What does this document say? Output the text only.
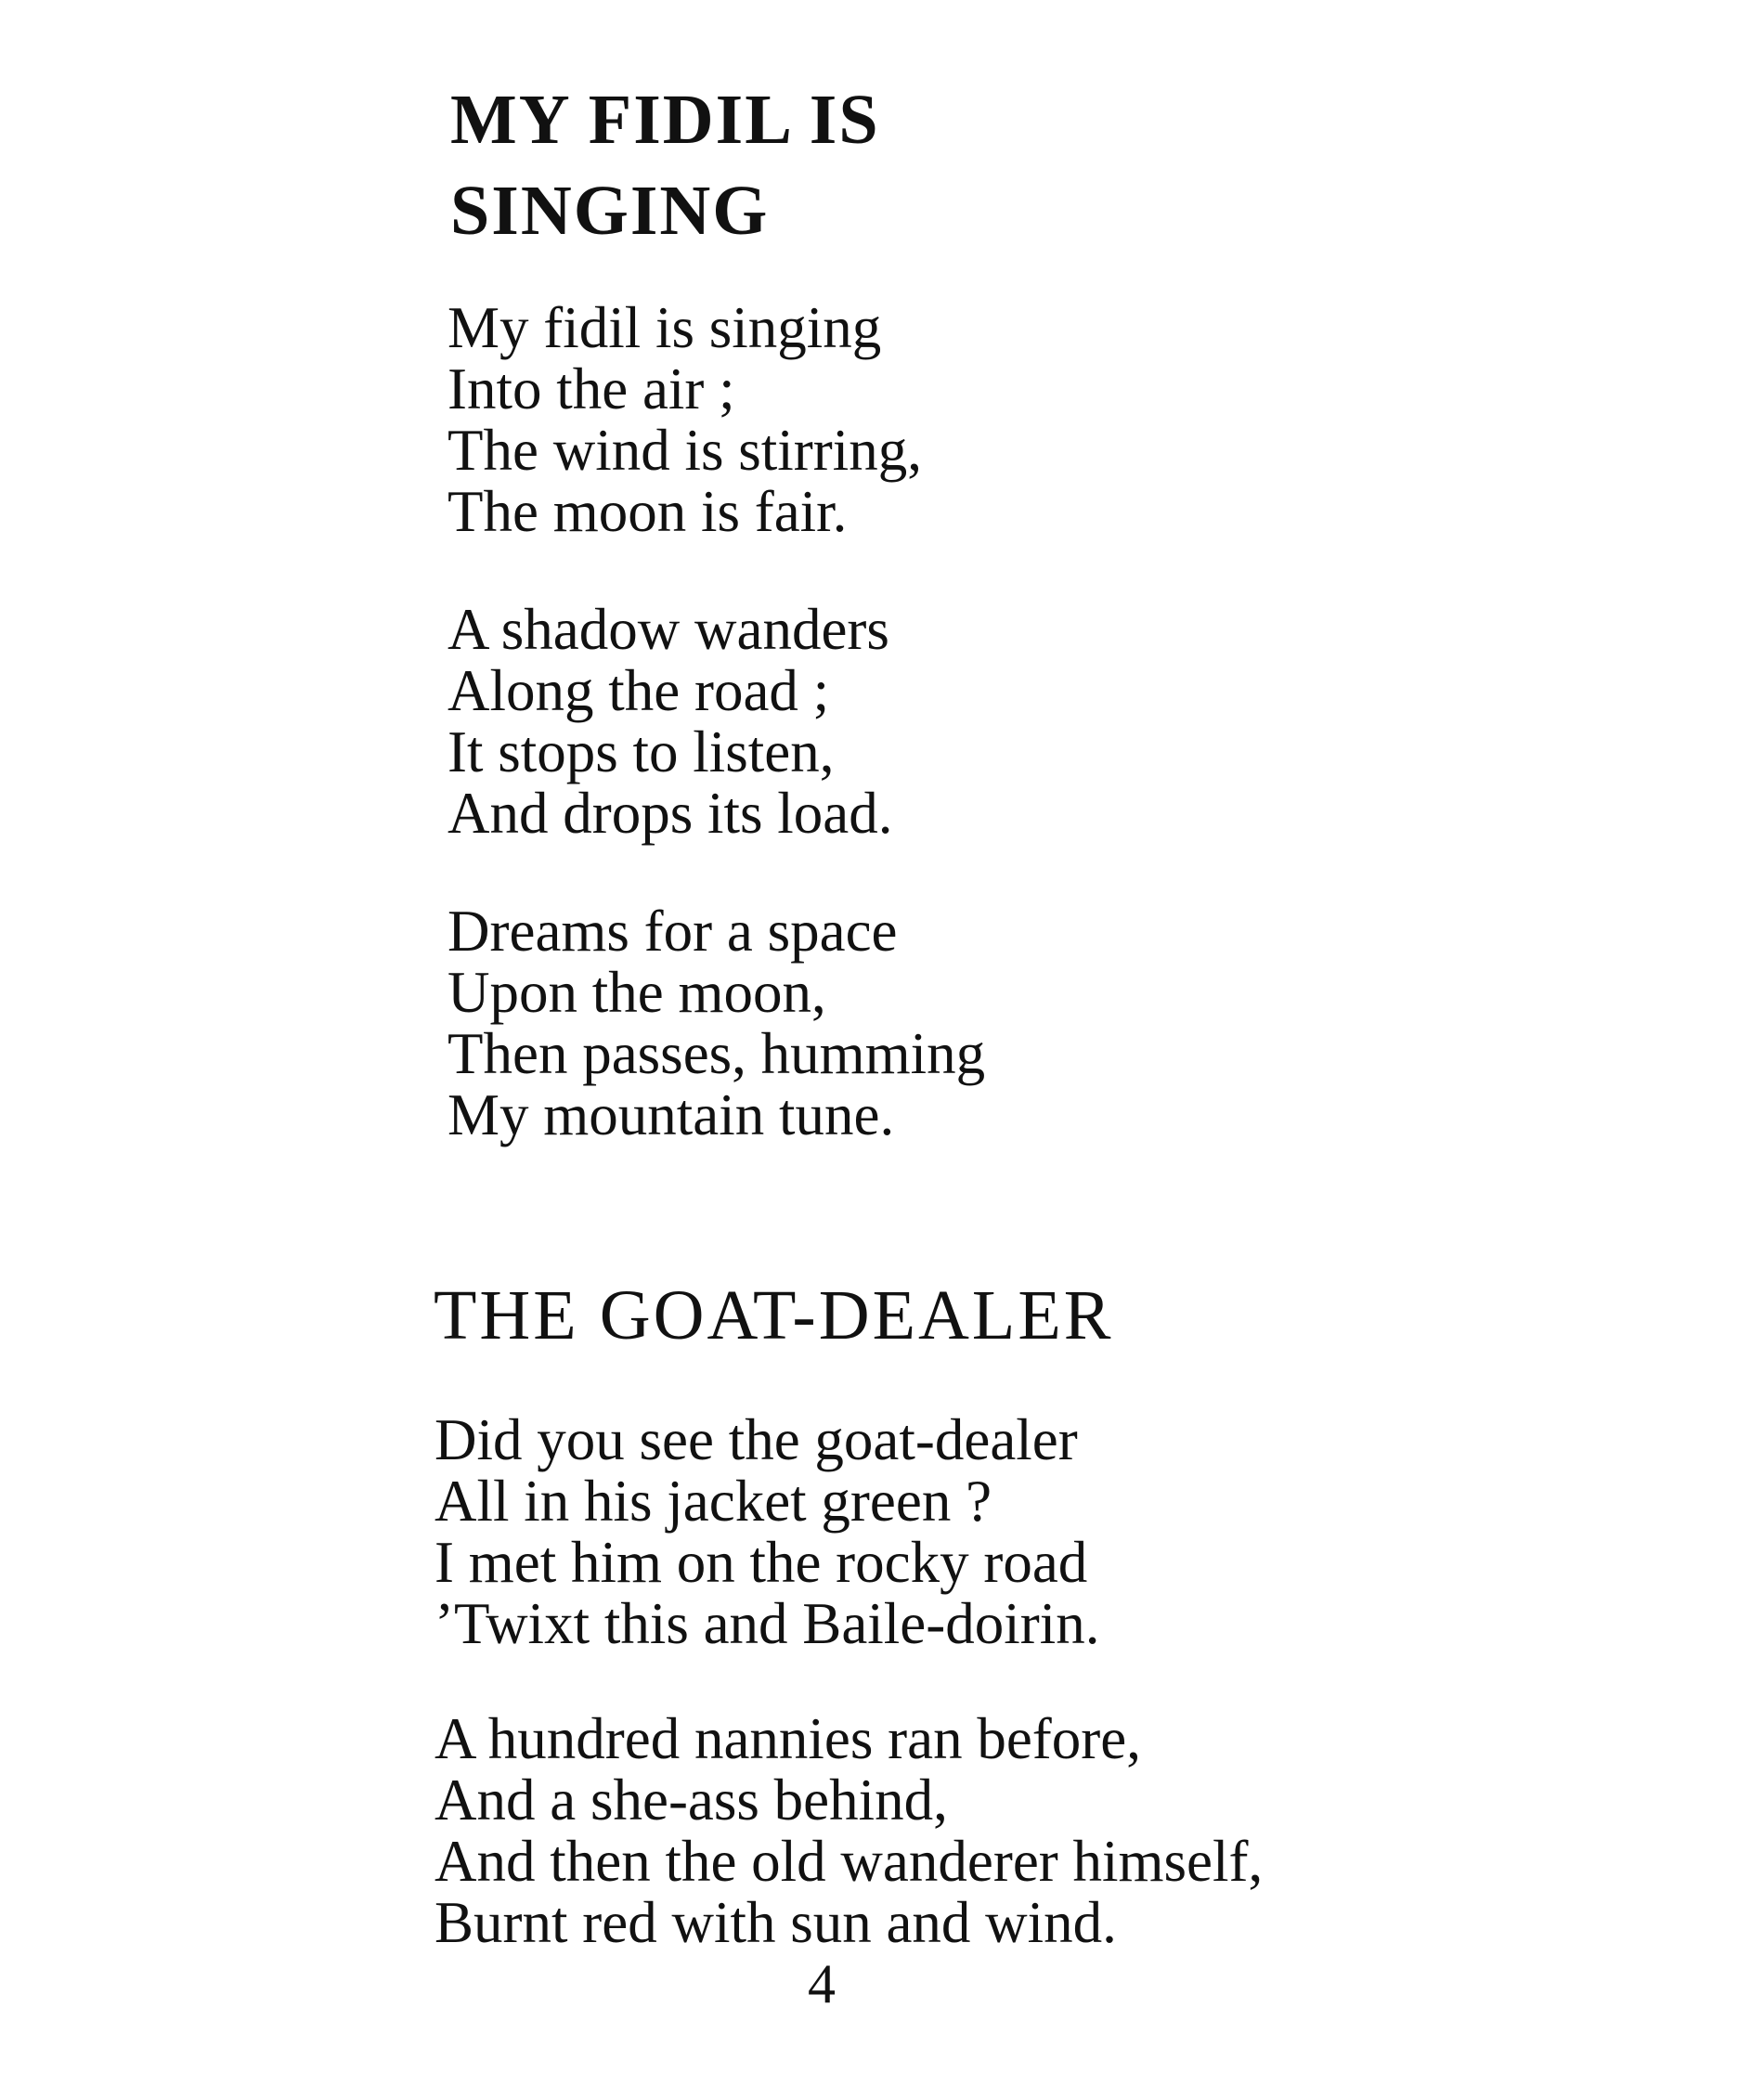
MY FIDIL IS
SINGING

My fidil is singing

Into the air ;

The wind is stirring,

The moon is fair.

A shadow wanders

Along the road ;

It stops to listen,

And drops its load.

Dreams for a space

Upon the moon,

Then passes, humming

My mountain tune.

THE GOAT-DEALER

Did you see the goat-dealer

All in his jacket green ?

I met him on the rocky road

’Twixt this and Baile-doirin.

A hundred nannies ran before,

And a she-ass behind,

And then the old wanderer himself,

Burnt red with sun and wind.

4
